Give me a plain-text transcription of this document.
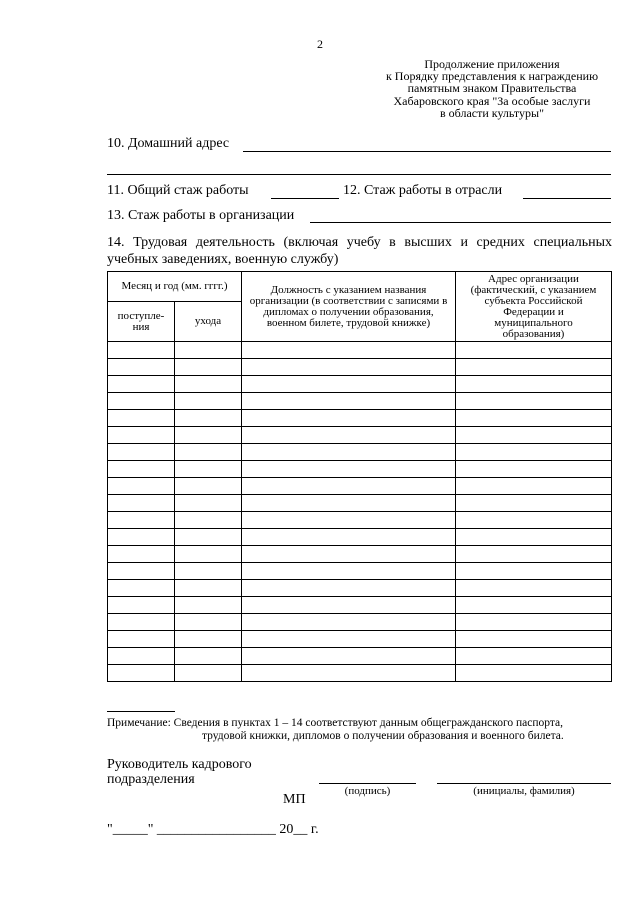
2
Продолжение приложения
к Порядку представления к награждению
памятным знаком Правительства
Хабаровского края "За особые заслуги
в области культуры"
10. Домашний адрес
11. Общий стаж работы	12. Стаж работы в отрасли
13. Стаж работы в организации
14. Трудовая деятельность (включая учебу в высших и средних специальных учебных заведениях, военную службу)
Месяц и год (мм. гггг.)		Должность с указанием названия организации (в соответствии с записями в дипломах о получении образования, военном билете, трудовой книжке)	Адрес организации (фактический, с указанием субъекта Российской Федерации и муниципального образования)
поступле-ния	ухода		

Примечание: Сведения в пунктах 1 – 14 соответствуют данным общегражданского паспорта,
трудовой книжки, дипломов о получении образования и военного билета.
Руководитель кадрового подразделения
(подпись)	(инициалы, фамилия)
МП
"_____" _________________ 20__ г.
